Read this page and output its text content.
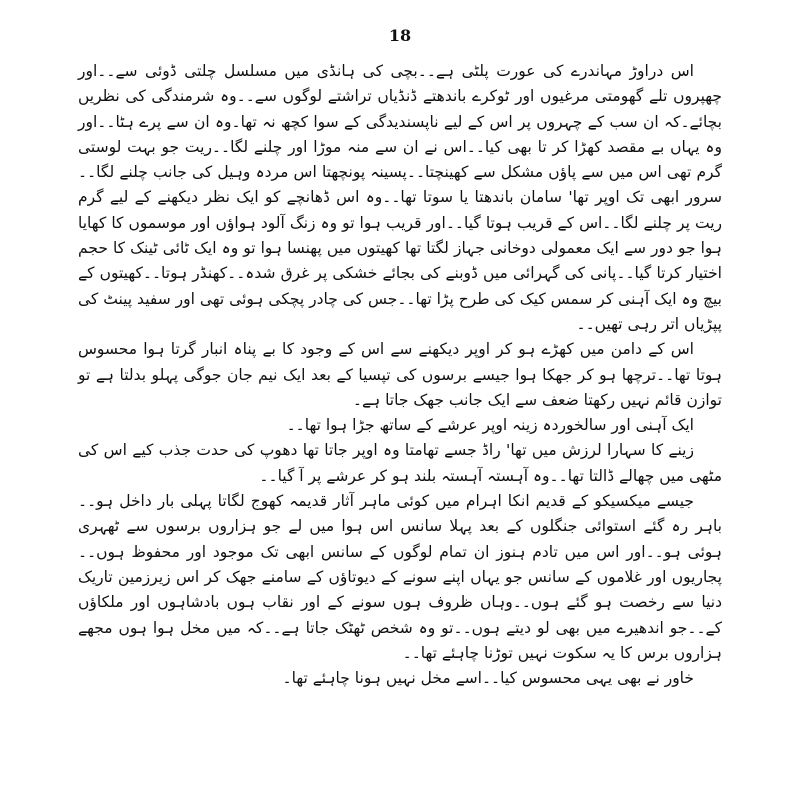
18

اس دراوڑ مہاندرے کی عورت پلٹی ہے۔۔بچی کی ہانڈی میں مسلسل چلتی ڈوئی سے۔۔اور چھپروں تلے گھومتی مرغیوں اور ٹوکرے باندھتے ڈنڈیاں تراشتے لوگوں سے۔۔وہ شرمندگی کی نظریں بچائے۔کہ ان سب کے چہروں پر اس کے لیے ناپسندیدگی کے سوا کچھ نہ تھا۔وہ ان سے پرے ہٹا۔۔اور وہ یہاں بے مقصد کھڑا کر تا بھی کیا۔۔اس نے ان سے منہ موڑا اور چلنے لگا۔۔ریت جو بہت لوستی گرم تھی اس میں سے پاؤں مشکل سے کھینچتا۔۔پسینہ پونچھتا اس مردہ وہیل کی جانب چلنے لگا۔۔سرور ابھی تک اوپر تھا' سامان باندھتا یا سوتا تھا۔۔وہ اس ڈھانچے کو ایک نظر دیکھنے کے لیے گرم ریت پر چلنے لگا۔۔اس کے قریب ہوتا گیا۔۔اور قریب ہوا تو وہ زنگ آلود ہواؤں اور موسموں کا کھایا ہوا جو دور سے ایک معمولی دوخانی جہاز لگتا تھا کھیتوں میں پھنسا ہوا تو وہ ایک ٹائی ٹینک کا حجم اختیار کرتا گیا۔۔پانی کی گہرائی میں ڈوبنے کی بجائے خشکی پر غرق شدہ۔۔کھنڈر ہوتا۔۔کھیتوں کے بیچ وہ ایک آہنی کر سمس کیک کی طرح پڑا تھا۔۔جس کی چادر پچکی ہوئی تھی اور سفید پینٹ کی پپڑیاں اتر رہی تھیں۔۔

اس کے دامن میں کھڑے ہو کر اوپر دیکھنے سے اس کے وجود کا بے پناہ انبار گرتا ہوا محسوس ہوتا تھا۔۔ترچھا ہو کر جھکا ہوا جیسے برسوں کی تپسیا کے بعد ایک نیم جان جوگی پہلو بدلتا ہے تو توازن قائم نہیں رکھتا ضعف سے ایک جانب جھک جاتا ہے۔

ایک آہنی اور سالخوردہ زینہ اوپر عرشے کے ساتھ جڑا ہوا تھا۔۔

زینے کا سہارا لرزش میں تھا' راڈ جسے تھامتا وہ اوپر جاتا تھا دھوپ کی حدت جذب کیے اس کی مٹھی میں چھالے ڈالتا تھا۔۔وہ آہستہ آہستہ بلند ہو کر عرشے پر آ گیا۔۔

جیسے میکسیکو کے قدیم انکا اہرام میں کوئی ماہر آثار قدیمہ کھوج لگاتا پہلی بار داخل ہو۔۔باہر رہ گئے استوائی جنگلوں کے بعد پہلا سانس اس ہوا میں لے جو ہزاروں برسوں سے ٹھہری ہوئی ہو۔۔اور اس میں تادم ہنوز ان تمام لوگوں کے سانس ابھی تک موجود اور محفوظ ہوں۔۔پجاریوں اور غلاموں کے سانس جو یہاں اپنے سونے کے دیوتاؤں کے سامنے جھک کر اس زیرزمین تاریک دنیا سے رخصت ہو گئے ہوں۔۔وہاں ظروف ہوں سونے کے اور نقاب ہوں بادشاہوں اور ملکاؤں کے۔۔جو اندھیرے میں بھی لو دیتے ہوں۔۔تو وہ شخص ٹھٹک جاتا ہے۔۔کہ میں مخل ہوا ہوں مجھے ہزاروں برس کا یہ سکوت نہیں توڑنا چاہئے تھا۔۔

خاور نے بھی یہی محسوس کیا۔۔اسے مخل نہیں ہونا چاہئے تھا۔
